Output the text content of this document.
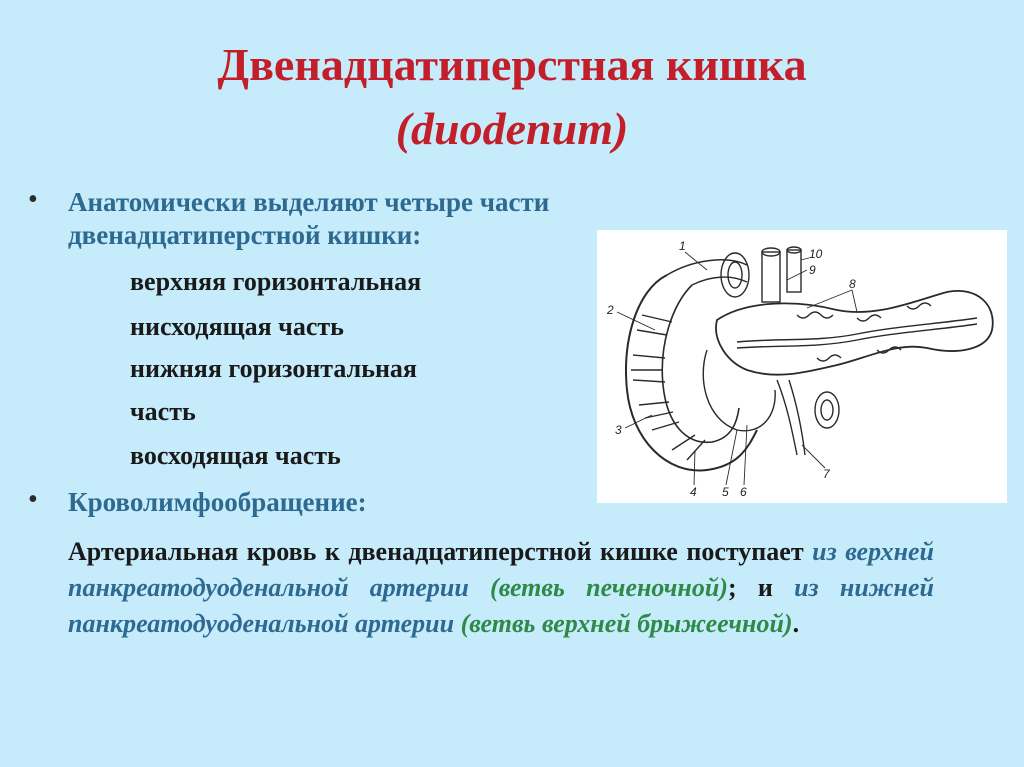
Двенадцатиперстная кишка
(duodenum)
• Анатомически выделяют четыре части
двенадцатиперстной кишки:
верхняя горизонтальная
нисходящая часть
нижняя горизонтальная
часть
восходящая часть
• Кроволимфообращение:
Артериальная кровь к двенадцатиперстной кишке поступает из верхней панкреатодуоденальной артерии (ветвь печеночной); и из нижней панкреатодуоденальной артерии (ветвь верхней брыжеечной).
1
2
3
4 5 6
7
8
9
10
